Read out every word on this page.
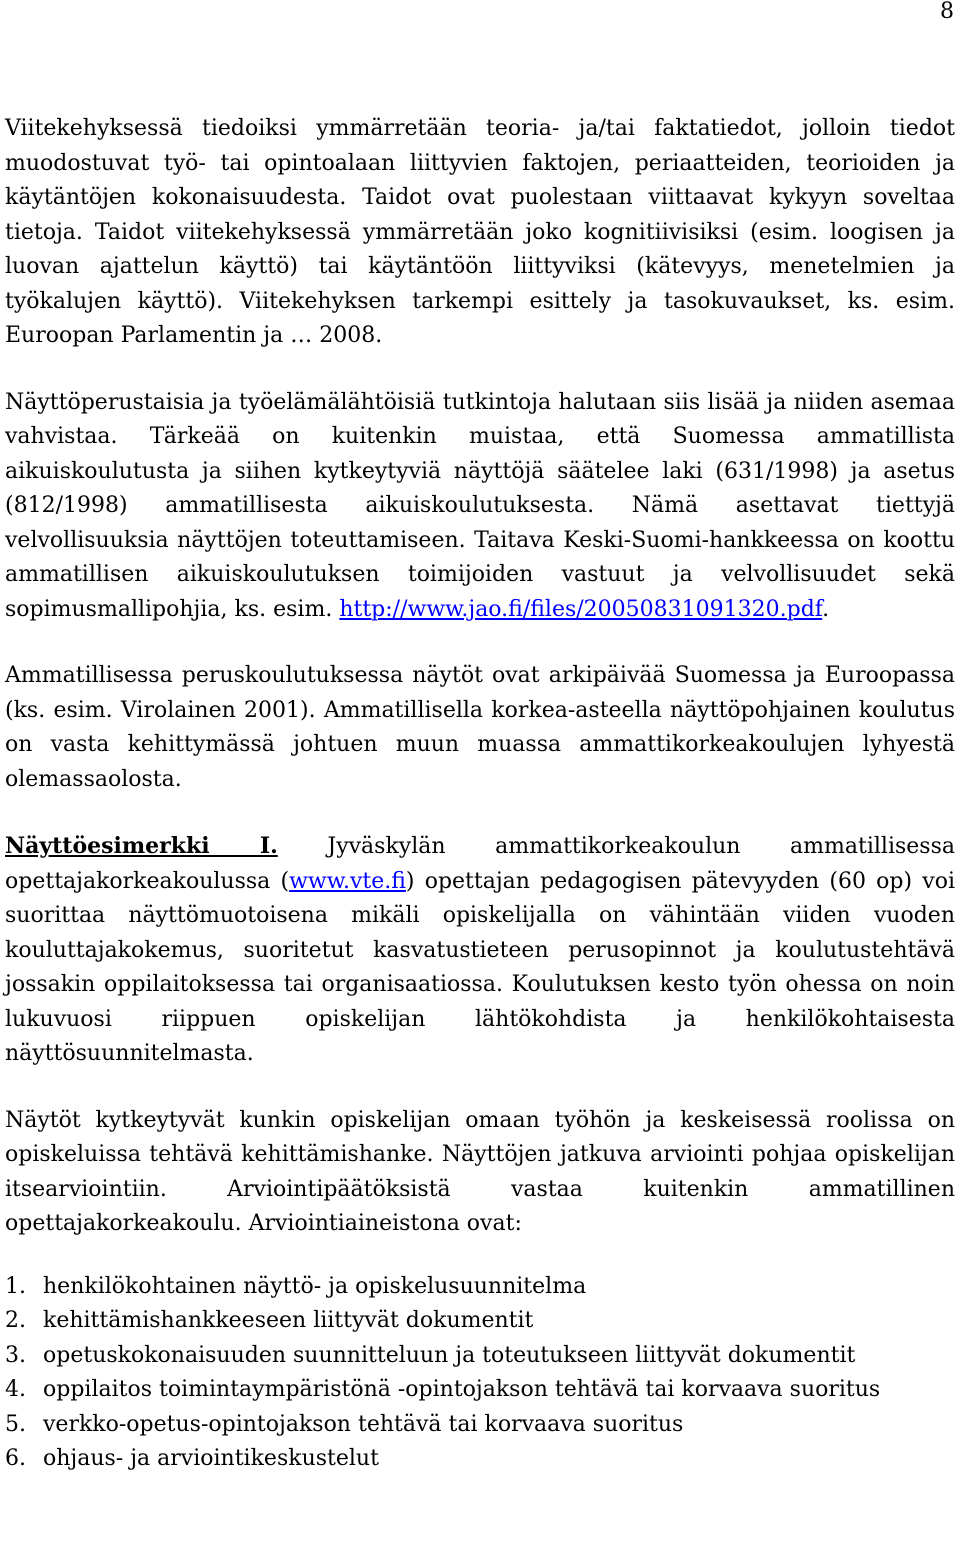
8

Viitekehyksessä tiedoiksi ymmärretään teoria- ja/tai faktatiedot, jolloin tiedot muodostuvat työ- tai opintoalaan liittyvien faktojen, periaatteiden, teorioiden ja käytäntöjen kokonaisuudesta. Taidot ovat puolestaan viittaavat kykyyn soveltaa tietoja. Taidot viitekehyksessä ymmärretään joko kognitiivisiksi (esim. loogisen ja luovan ajattelun käyttö) tai käytäntöön liittyviksi (kätevyys, menetelmien ja työkalujen käyttö). Viitekehyksen tarkempi esittely ja tasokuvaukset, ks. esim. Euroopan Parlamentin ja … 2008.

Näyttöperustaisia ja työelämälähtöisiä tutkintoja halutaan siis lisää ja niiden asemaa vahvistaa. Tärkeää on kuitenkin muistaa, että Suomessa ammatillista aikuiskoulutusta ja siihen kytkeytyviä näyttöjä säätelee laki (631/1998) ja asetus (812/1998) ammatillisesta aikuiskoulutuksesta. Nämä asettavat tiettyjä velvollisuuksia näyttöjen toteuttamiseen. Taitava Keski-Suomi-hankkeessa on koottu ammatillisen aikuiskoulutuksen toimijoiden vastuut ja velvollisuudet sekä sopimusmallipohjia, ks. esim. http://www.jao.fi/files/20050831091320.pdf.

Ammatillisessa peruskoulutuksessa näytöt ovat arkipäivää Suomessa ja Euroopassa (ks. esim. Virolainen 2001). Ammatillisella korkea-asteella näyttöpohjainen koulutus on vasta kehittymässä johtuen muun muassa ammattikorkeakoulujen lyhyestä olemassaolosta.

Näyttöesimerkki I. Jyväskylän ammattikorkeakoulun ammatillisessa opettajakorkeakoulussa (www.vte.fi) opettajan pedagogisen pätevyyden (60 op) voi suorittaa näyttömuotoisena mikäli opiskelijalla on vähintään viiden vuoden kouluttajakokemus, suoritetut kasvatustieteen perusopinnot ja koulutustehtävä jossakin oppilaitoksessa tai organisaatiossa. Koulutuksen kesto työn ohessa on noin lukuvuosi riippuen opiskelijan lähtökohdista ja henkilökohtaisesta näyttösuunnitelmasta.

Näytöt kytkeytyvät kunkin opiskelijan omaan työhön ja keskeisessä roolissa on opiskeluissa tehtävä kehittämishanke. Näyttöjen jatkuva arviointi pohjaa opiskelijan itsearviointiin. Arviointipäätöksistä vastaa kuitenkin ammatillinen opettajakorkeakoulu. Arviointiaineistona ovat:

1. henkilökohtainen näyttö- ja opiskelusuunnitelma
2. kehittämishankkeeseen liittyvät dokumentit
3. opetuskokonaisuuden suunnitteluun ja toteutukseen liittyvät dokumentit
4. oppilaitos toimintaympäristönä -opintojakson tehtävä tai korvaava suoritus
5. verkko-opetus-opintojakson tehtävä tai korvaava suoritus
6. ohjaus- ja arviointikeskustelut
